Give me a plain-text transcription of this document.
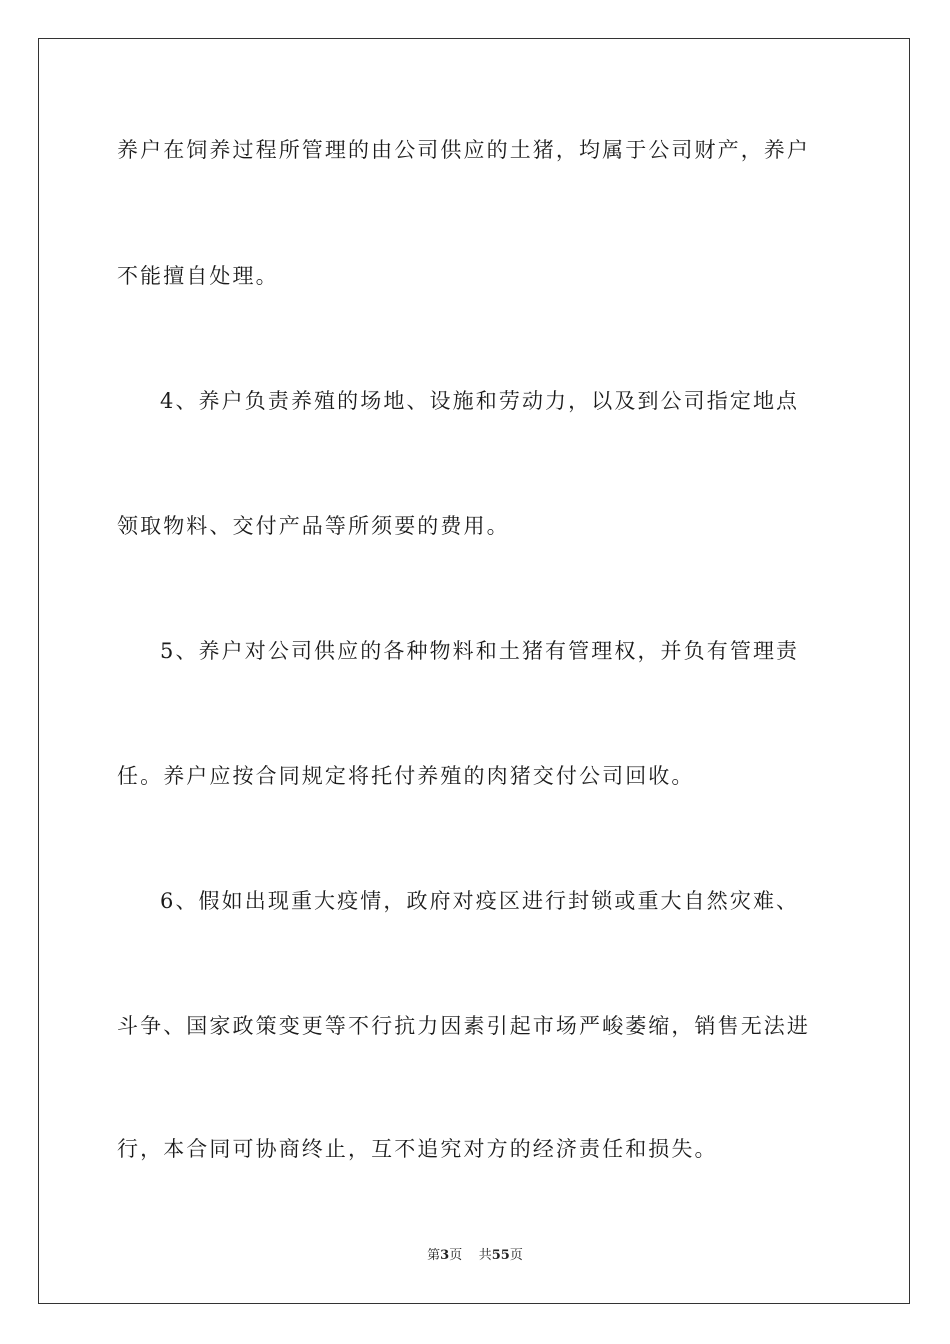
养户在饲养过程所管理的由公司供应的土猪，均属于公司财产，养户
不能擅自处理。
4、养户负责养殖的场地、设施和劳动力，以及到公司指定地点
领取物料、交付产品等所须要的费用。
5、养户对公司供应的各种物料和土猪有管理权，并负有管理责
任。养户应按合同规定将托付养殖的肉猪交付公司回收。
6、假如出现重大疫情，政府对疫区进行封锁或重大自然灾难、
斗争、国家政策变更等不行抗力因素引起市场严峻萎缩，销售无法进
行，本合同可协商终止，互不追究对方的经济责任和损失。
第3页 共55页
